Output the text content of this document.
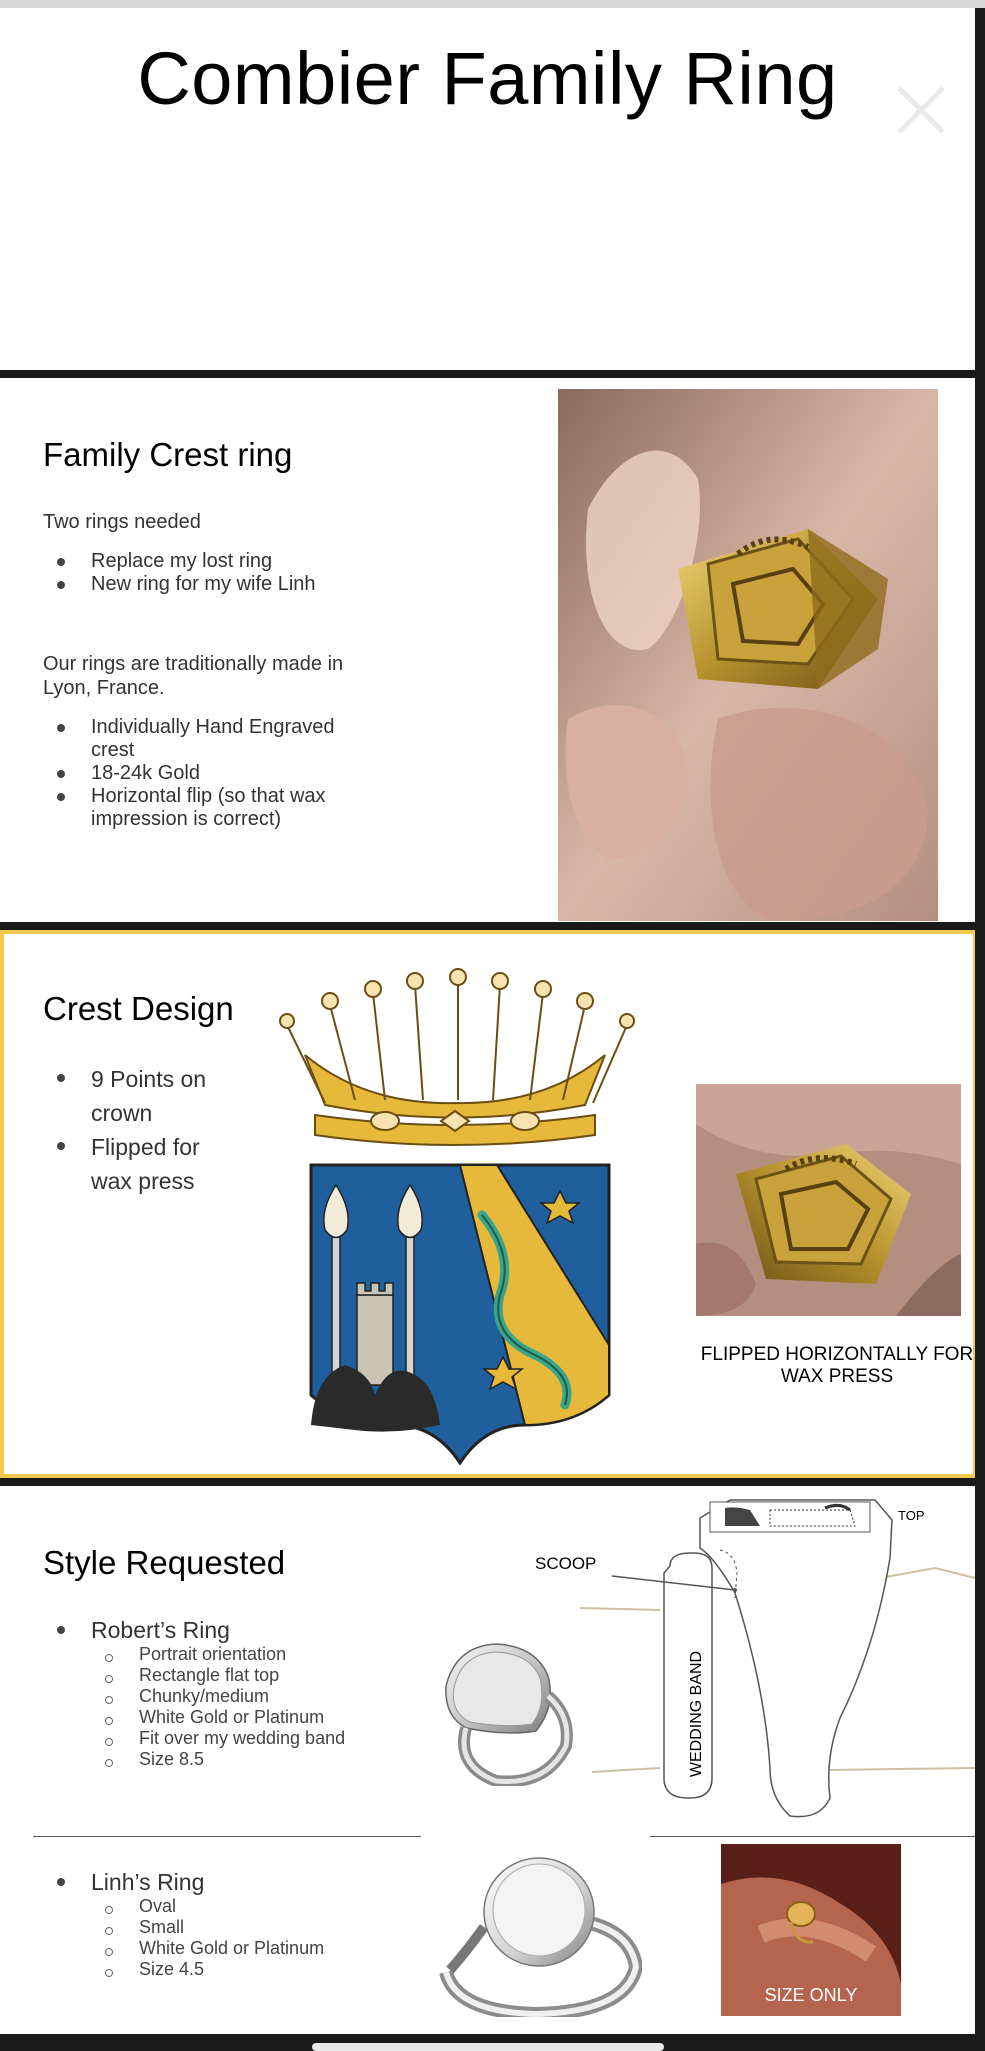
Combier Family Ring
Family Crest ring

Two rings needed

Replace my lost ring
New ring for my wife Linh

Our rings are traditionally made in Lyon, France.

Individually Hand Engraved crest
18-24k Gold
Horizontal flip (so that wax impression is correct)
Crest Design
9 Points on crown
Flipped for wax press
FLIPPED HORIZONTALLY FOR WAX PRESS
Style Requested
Robert’s Ring
Portrait orientation
Rectangle flat top
Chunky/medium
White Gold or Platinum
Fit over my wedding band
Size 8.5
Linh’s Ring
Oval
Small
White Gold or Platinum
Size 4.5
SCOOP
TOP
WEDDING BAND
SIZE ONLY
